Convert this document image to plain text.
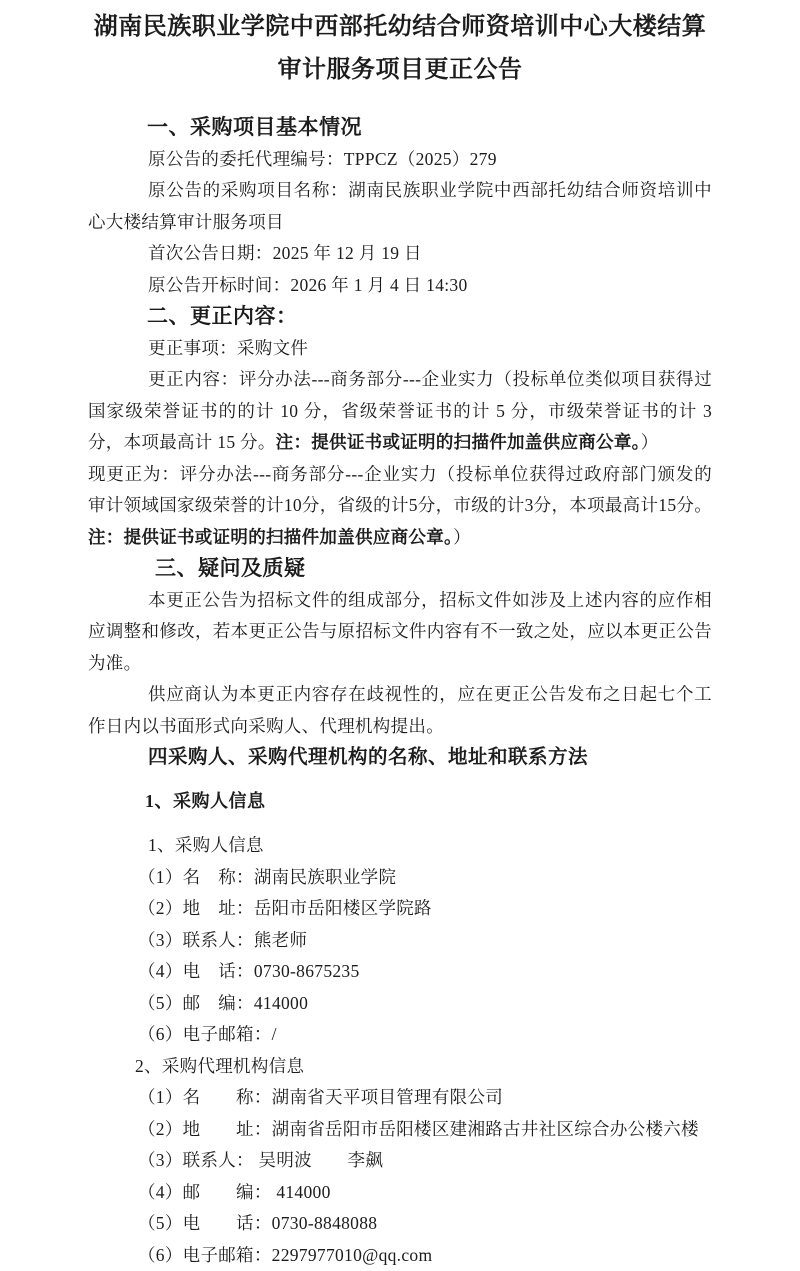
湖南民族职业学院中西部托幼结合师资培训中心大楼结算
审计服务项目更正公告

一、采购项目基本情况

原公告的委托代理编号：TPPCZ（2025）279

原公告的采购项目名称：湖南民族职业学院中西部托幼结合师资培训中心大楼结算审计服务项目

首次公告日期：2025 年 12 月 19 日

原公告开标时间：2026 年 1 月 4 日 14:30

二、更正内容：

更正事项：采购文件

更正内容：评分办法---商务部分---企业实力（投标单位类似项目获得过国家级荣誉证书的的计 10 分，省级荣誉证书的计 5 分，市级荣誉证书的计 3 分，本项最高计 15 分。注：提供证书或证明的扫描件加盖供应商公章。）

现更正为：评分办法---商务部分---企业实力（投标单位获得过政府部门颁发的审计领域国家级荣誉的计10分，省级的计5分，市级的计3分，本项最高计15分。注：提供证书或证明的扫描件加盖供应商公章。）

三、疑问及质疑

本更正公告为招标文件的组成部分，招标文件如涉及上述内容的应作相应调整和修改，若本更正公告与原招标文件内容有不一致之处，应以本更正公告为准。

供应商认为本更正内容存在歧视性的，应在更正公告发布之日起七个工作日内以书面形式向采购人、代理机构提出。

四采购人、采购代理机构的名称、地址和联系方法

1、采购人信息

1、采购人信息

（1）名　称：湖南民族职业学院

（2）地　址：岳阳市岳阳楼区学院路

（3）联系人：熊老师

（4）电　话：0730-8675235

（5）邮　编：414000

（6）电子邮箱：/

2、采购代理机构信息

（1）名　　称：湖南省天平项目管理有限公司

（2）地　　址：湖南省岳阳市岳阳楼区建湘路古井社区综合办公楼六楼

（3）联系人： 吴明波　　李飙

（4）邮　　编： 414000

（5）电　　话：0730-8848088

（6）电子邮箱：2297977010@qq.com
